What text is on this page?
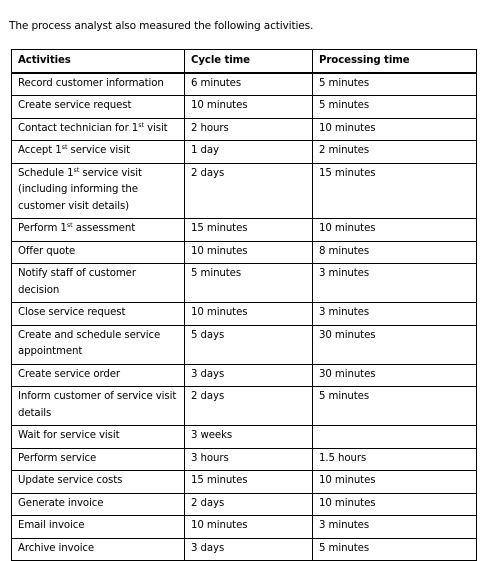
The process analyst also measured the following activities.

Activities	Cycle time	Processing time
Record customer information	6 minutes	5 minutes
Create service request	10 minutes	5 minutes
Contact technician for 1st visit	2 hours	10 minutes
Accept 1st service visit	1 day	2 minutes
Schedule 1st service visit (including informing the customer visit details)	2 days	15 minutes
Perform 1st assessment	15 minutes	10 minutes
Offer quote	10 minutes	8 minutes
Notify staff of customer decision	5 minutes	3 minutes
Close service request	10 minutes	3 minutes
Create and schedule service appointment	5 days	30 minutes
Create service order	3 days	30 minutes
Inform customer of service visit details	2 days	5 minutes
Wait for service visit	3 weeks	
Perform service	3 hours	1.5 hours
Update service costs	15 minutes	10 minutes
Generate invoice	2 days	10 minutes
Email invoice	10 minutes	3 minutes
Archive invoice	3 days	5 minutes
